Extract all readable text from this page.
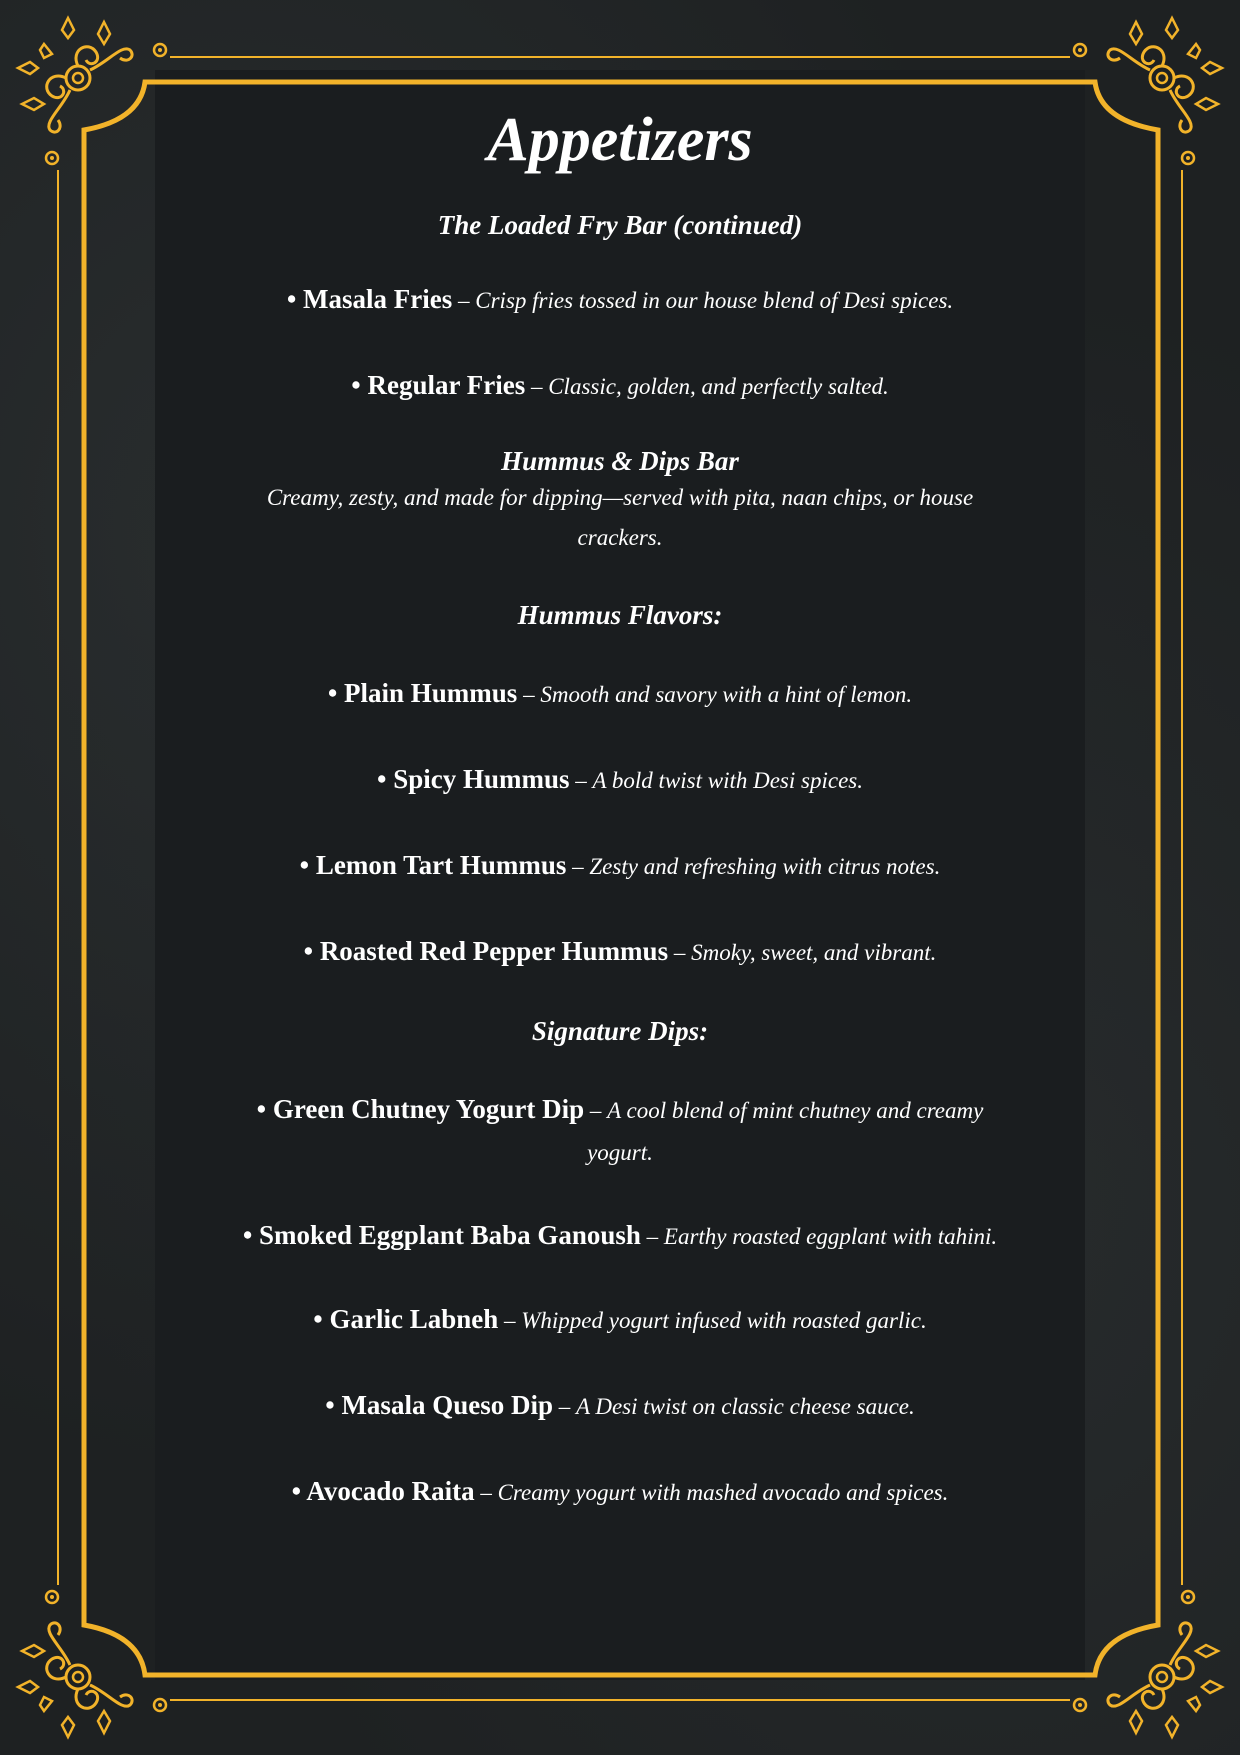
Appetizers
The Loaded Fry Bar (continued)

• Masala Fries – Crisp fries tossed in our house blend of Desi spices.

• Regular Fries – Classic, golden, and perfectly salted.

Hummus & Dips Bar

Creamy, zesty, and made for dipping—served with pita, naan chips, or house crackers.

Hummus Flavors:

• Plain Hummus – Smooth and savory with a hint of lemon.

• Spicy Hummus – A bold twist with Desi spices.

• Lemon Tart Hummus – Zesty and refreshing with citrus notes.

• Roasted Red Pepper Hummus – Smoky, sweet, and vibrant.

Signature Dips:

• Green Chutney Yogurt Dip – A cool blend of mint chutney and creamy yogurt.

• Smoked Eggplant Baba Ganoush – Earthy roasted eggplant with tahini.

• Garlic Labneh – Whipped yogurt infused with roasted garlic.

• Masala Queso Dip – A Desi twist on classic cheese sauce.

• Avocado Raita – Creamy yogurt with mashed avocado and spices.
